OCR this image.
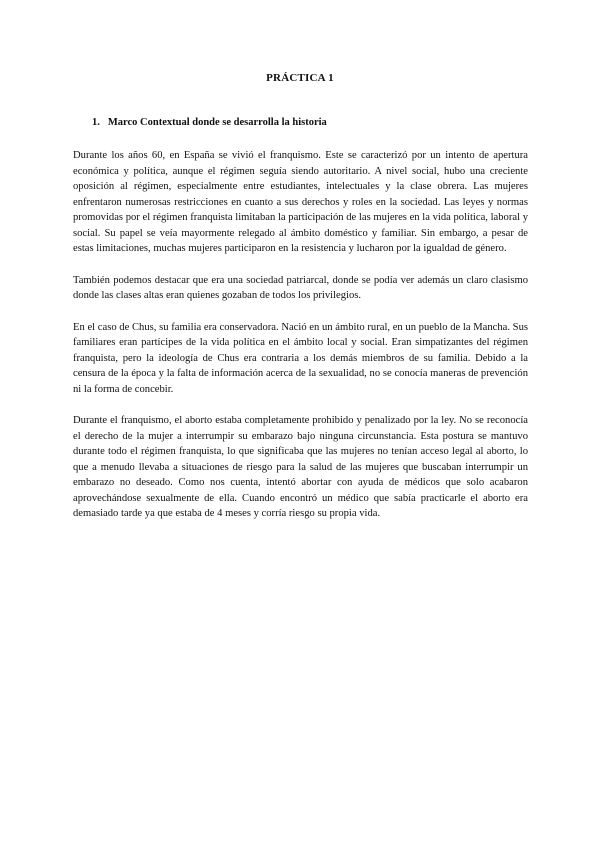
PRÁCTICA 1
1. Marco Contextual donde se desarrolla la historia

Durante los años 60, en España se vivió el franquismo. Este se caracterizó por un intento de apertura económica y política, aunque el régimen seguía siendo autoritario. A nivel social, hubo una creciente oposición al régimen, especialmente entre estudiantes, intelectuales y la clase obrera. Las mujeres enfrentaron numerosas restricciones en cuanto a sus derechos y roles en la sociedad. Las leyes y normas promovidas por el régimen franquista limitaban la participación de las mujeres en la vida política, laboral y social. Su papel se veía mayormente relegado al ámbito doméstico y familiar. Sin embargo, a pesar de estas limitaciones, muchas mujeres participaron en la resistencia y lucharon por la igualdad de género.

También podemos destacar que era una sociedad patriarcal, donde se podía ver además un claro clasismo donde las clases altas eran quienes gozaban de todos los privilegios.

En el caso de Chus, su familia era conservadora. Nació en un ámbito rural, en un pueblo de la Mancha. Sus familiares eran partícipes de la vida política en el ámbito local y social. Eran simpatizantes del régimen franquista, pero la ideología de Chus era contraria a los demás miembros de su familia. Debido a la censura de la época y la falta de información acerca de la sexualidad, no se conocía maneras de prevención ni la forma de concebir.

Durante el franquismo, el aborto estaba completamente prohibido y penalizado por la ley. No se reconocía el derecho de la mujer a interrumpir su embarazo bajo ninguna circunstancia. Esta postura se mantuvo durante todo el régimen franquista, lo que significaba que las mujeres no tenían acceso legal al aborto, lo que a menudo llevaba a situaciones de riesgo para la salud de las mujeres que buscaban interrumpir un embarazo no deseado. Como nos cuenta, intentó abortar con ayuda de médicos que solo acabaron aprovechándose sexualmente de ella. Cuando encontró un médico que sabía practicarle el aborto era demasiado tarde ya que estaba de 4 meses y corría riesgo su propia vida.
